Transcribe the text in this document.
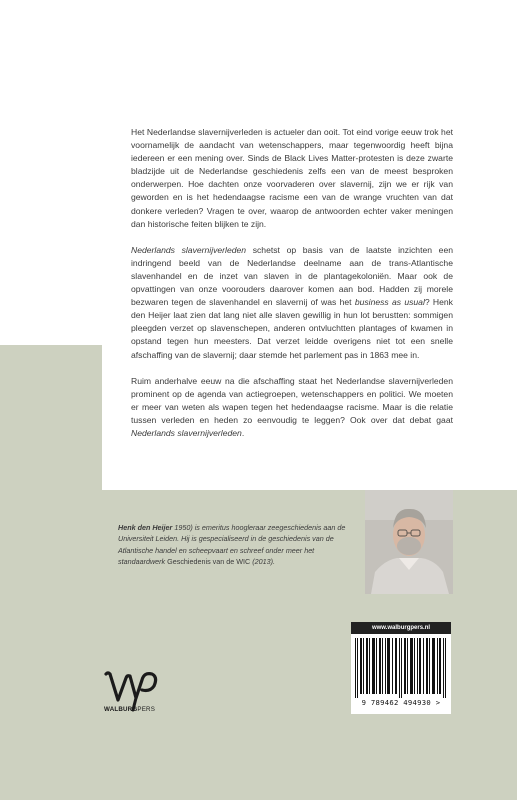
Het Nederlandse slavernijverleden is actueler dan ooit. Tot eind vorige eeuw trok het voornamelijk de aandacht van wetenschappers, maar tegenwoordig heeft bijna iedereen er een mening over. Sinds de Black Lives Matter-protesten is deze zwarte bladzijde uit de Nederlandse geschiedenis zelfs een van de meest besproken onderwerpen. Hoe dachten onze voorvaderen over slavernij, zijn we er rijk van geworden en is het hedendaagse racisme een van de wrange vruchten van dat donkere verleden? Vragen te over, waarop de antwoorden echter vaker meningen dan historische feiten blijken te zijn.

Nederlands slavernijverleden schetst op basis van de laatste inzichten een indringend beeld van de Nederlandse deelname aan de trans-Atlantische slavenhandel en de inzet van slaven in de plantagekoloniën. Maar ook de opvattingen van onze voorouders daarover komen aan bod. Hadden zij morele bezwaren tegen de slavenhandel en slavernij of was het business as usual? Henk den Heijer laat zien dat lang niet alle slaven gewillig in hun lot berustten: sommigen pleegden verzet op slavenschepen, anderen ontvluchtten plantages of kwamen in opstand tegen hun meesters. Dat verzet leidde overigens niet tot een snelle afschaffing van de slavernij; daar stemde het parlement pas in 1863 mee in.

Ruim anderhalve eeuw na die afschaffing staat het Nederlandse slavernijverleden prominent op de agenda van actiegroepen, wetenschappers en politici. We moeten er meer van weten als wapen tegen het hedendaagse racisme. Maar is die relatie tussen verleden en heden zo eenvoudig te leggen? Ook over dat debat gaat Nederlands slavernijverleden.

Henk den Heijer 1950) is emeritus hoogleraar zeegeschiedenis aan de Universiteit Leiden. Hij is gespecialiseerd in de geschiedenis van de Atlantische handel en scheepvaart en schreef onder meer het standaardwerk Geschiedenis van de WIC (2013).
www.walburgpers.nl
9 789462 494930 >
WALBURGPERS
